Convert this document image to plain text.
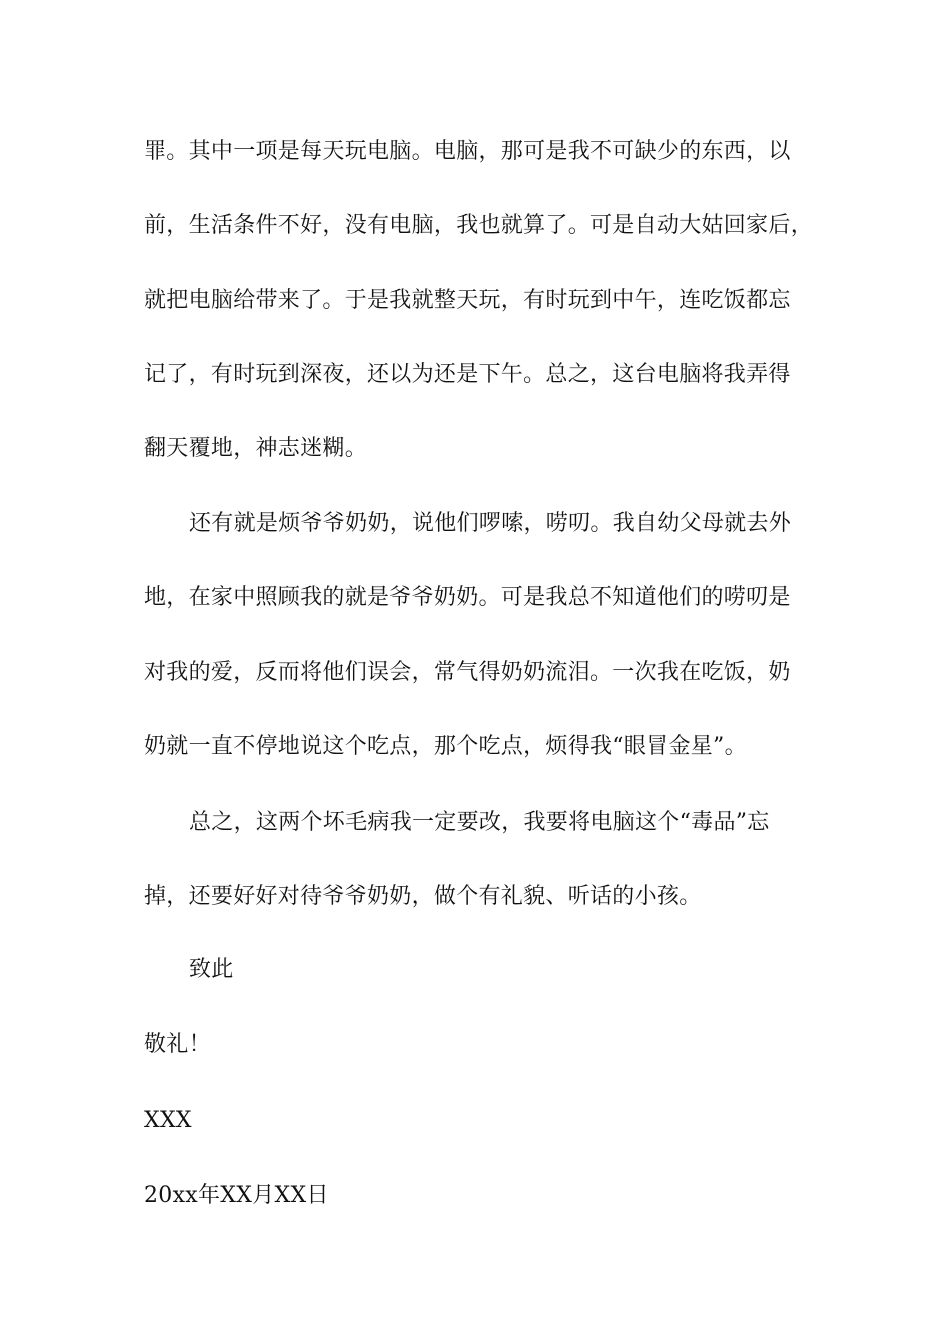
罪。其中一项是每天玩电脑。电脑，那可是我不可缺少的东西，以
前，生活条件不好，没有电脑，我也就算了。可是自动大姑回家后，
就把电脑给带来了。于是我就整天玩，有时玩到中午，连吃饭都忘
记了，有时玩到深夜，还以为还是下午。总之，这台电脑将我弄得
翻天覆地，神志迷糊。
还有就是烦爷爷奶奶，说他们啰嗦，唠叨。我自幼父母就去外
地，在家中照顾我的就是爷爷奶奶。可是我总不知道他们的唠叨是
对我的爱，反而将他们误会，常气得奶奶流泪。一次我在吃饭，奶
奶就一直不停地说这个吃点，那个吃点，烦得我“眼冒金星”。
总之，这两个坏毛病我一定要改，我要将电脑这个“毒品”忘
掉，还要好好对待爷爷奶奶，做个有礼貌、听话的小孩。
致此
敬礼！
XXX
20xx年XX月XX日
